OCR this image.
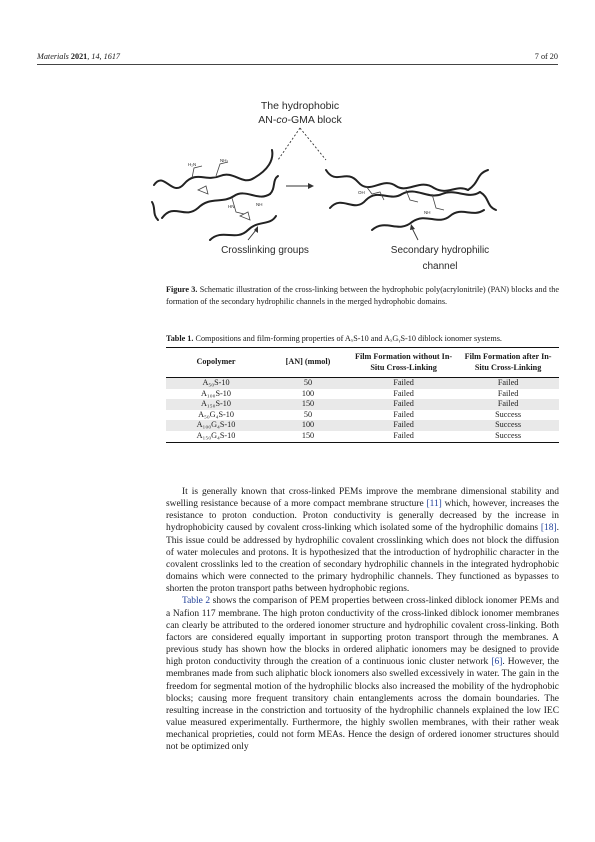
Materials 2021, 14, 1617	7 of 20
The hydrophobic
AN-co-GMA block
H₂N
NH₂
HN	NH
OH
NH
Crosslinking groups	Secondary hydrophilic
channel

Figure 3. Schematic illustration of the cross-linking between the hydrophobic poly(acrylonitrile) (PAN) blocks and the formation of the secondary hydrophilic channels in the merged hydrophobic domains.

Table 1. Compositions and film-forming properties of AₓS-10 and AₓGᵧS-10 diblock ionomer systems.

Copolymer	[AN] (mmol)	Film Formation without In-Situ Cross-Linking	Film Formation after In-Situ Cross-Linking
A₅₀S-10	50	Failed	Failed
A₁₀₀S-10	100	Failed	Failed
A₁₅₀S-10	150	Failed	Failed
A₅₀G₄S-10	50	Failed	Success
A₁₀₀G₄S-10	100	Failed	Success
A₁₅₀G₄S-10	150	Failed	Success

It is generally known that cross-linked PEMs improve the membrane dimensional stability and swelling resistance because of a more compact membrane structure [11] which, however, increases the resistance to proton conduction. Proton conductivity is generally decreased by the increase in hydrophobicity caused by covalent cross-linking which isolated some of the hydrophilic domains [18]. This issue could be addressed by hydrophilic covalent crosslinking which does not block the diffusion of water molecules and protons. It is hypothesized that the introduction of hydrophilic character in the covalent crosslinks led to the creation of secondary hydrophilic channels in the integrated hydrophobic domains which were connected to the primary hydrophilic channels. They functioned as bypasses to shorten the proton transport paths between hydrophobic regions.

Table 2 shows the comparison of PEM properties between cross-linked diblock ionomer PEMs and a Nafion 117 membrane. The high proton conductivity of the cross-linked diblock ionomer membranes can clearly be attributed to the ordered ionomer structure and hydrophilic covalent cross-linking. Both factors are considered equally important in supporting proton transport through the membranes. A previous study has shown how the blocks in ordered aliphatic ionomers may be designed to provide high proton conductivity through the creation of a continuous ionic cluster network [6]. However, the membranes made from such aliphatic block ionomers also swelled excessively in water. The gain in the freedom for segmental motion of the hydrophilic blocks also increased the mobility of the hydrophobic blocks; causing more frequent transitory chain entanglements across the domain boundaries. The resulting increase in the constriction and tortuosity of the hydrophilic channels explained the low IEC value measured experimentally. Furthermore, the highly swollen membranes, with their rather weak mechanical proprieties, could not form MEAs. Hence the design of ordered ionomer structures should not be optimized only
